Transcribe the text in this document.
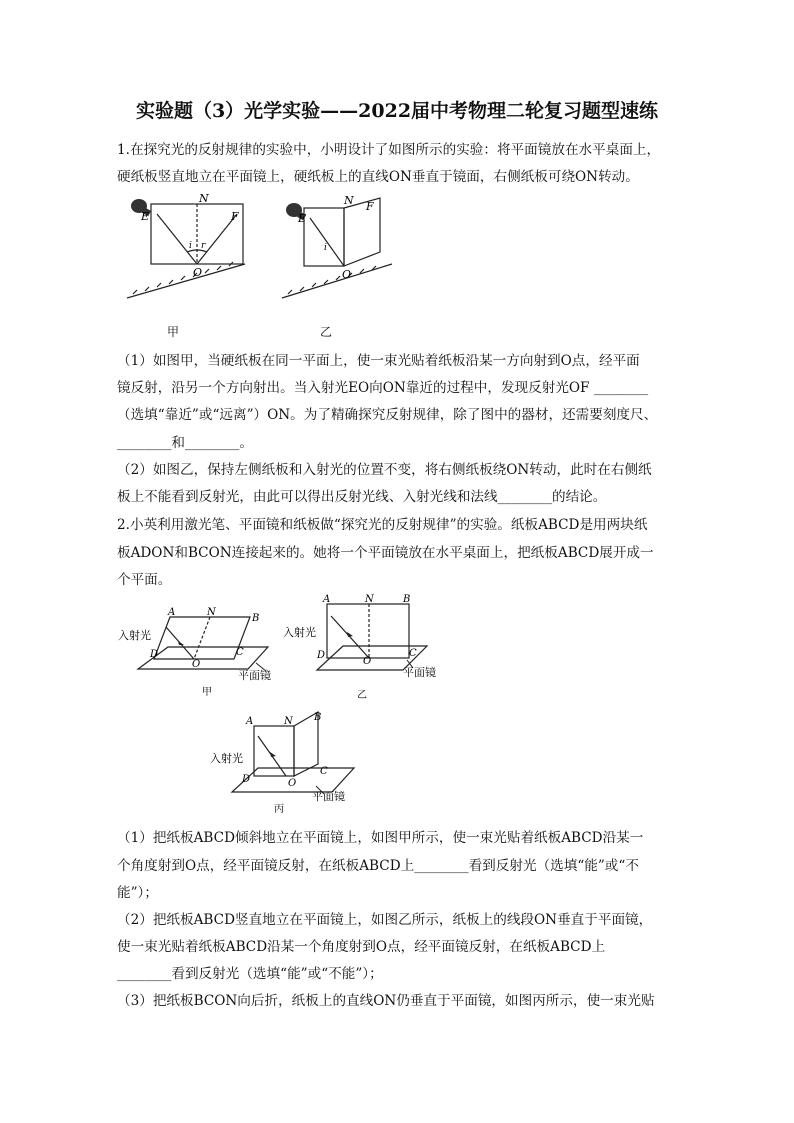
实验题（3）光学实验——2022届中考物理二轮复习题型速练
1.在探究光的反射规律的实验中，小明设计了如图所示的实验：将平面镜放在水平桌面上，
硬纸板竖直地立在平面镜上，硬纸板上的直线ON垂直于镜面，右侧纸板可绕ON转动。
E
N
F
i r
O
E
N F
i
O
甲	乙
（1）如图甲，当硬纸板在同一平面上，使一束光贴着纸板沿某一方向射到O点，经平面
镜反射，沿另一个方向射出。当入射光EO向ON靠近的过程中，发现反射光OF ________
（选填“靠近”或“远离”）ON。为了精确探究反射规律，除了图中的器材，还需要刻度尺、
________和________。
（2）如图乙，保持左侧纸板和入射光的位置不变，将右侧纸板绕ON转动，此时在右侧纸
板上不能看到反射光，由此可以得出反射光线、入射光线和法线________的结论。
2.小英利用激光笔、平面镜和纸板做“探究光的反射规律”的实验。纸板ABCD是用两块纸
板ADON和BCON连接起来的。她将一个平面镜放在水平桌面上，把纸板ABCD展开成一
个平面。
A	N
B
C
D
O
入射光
平面镜
甲
A	N	B
C
D
O
入射光
平面镜
乙
A	N B
C
D	O
入射光
平面镜
丙
（1）把纸板ABCD倾斜地立在平面镜上，如图甲所示，使一束光贴着纸板ABCD沿某一
个角度射到O点，经平面镜反射，在纸板ABCD上________看到反射光（选填“能”或“不
能”）；
（2）把纸板ABCD竖直地立在平面镜上，如图乙所示，纸板上的线段ON垂直于平面镜，
使一束光贴着纸板ABCD沿某一个角度射到O点，经平面镜反射，在纸板ABCD上
________看到反射光（选填“能”或“不能”）；
（3）把纸板BCON向后折，纸板上的直线ON仍垂直于平面镜，如图丙所示，使一束光贴
